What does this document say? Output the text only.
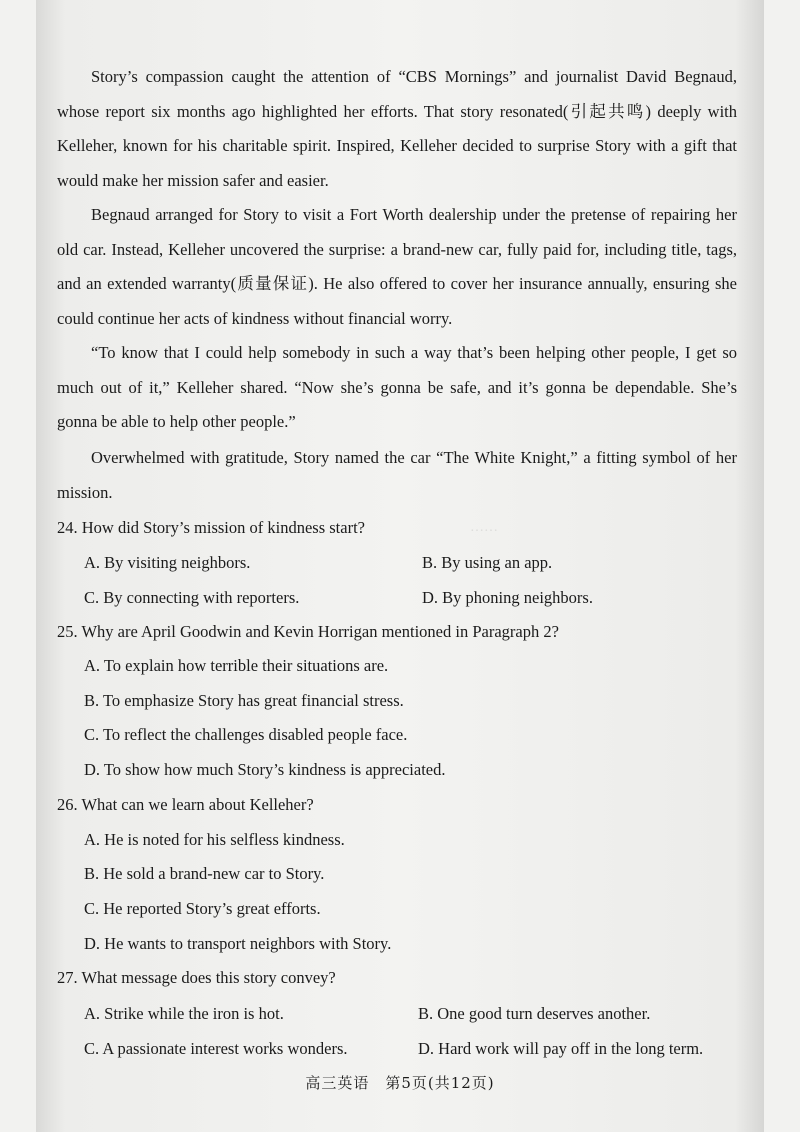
……

Story’s compassion caught the attention of “CBS Mornings” and journalist David Begnaud, whose report six months ago highlighted her efforts. That story resonated(引起共鸣) deeply with Kelleher, known for his charitable spirit. Inspired, Kelleher decided to surprise Story with a gift that would make her mission safer and easier.

Begnaud arranged for Story to visit a Fort Worth dealership under the pretense of repairing her old car. Instead, Kelleher uncovered the surprise: a brand-new car, fully paid for, including title, tags, and an extended warranty(质量保证). He also offered to cover her insurance annually, ensuring she could continue her acts of kindness without financial worry.

“To know that I could help somebody in such a way that’s been helping other people, I get so much out of it,” Kelleher shared. “Now she’s gonna be safe, and it’s gonna be dependable. She’s gonna be able to help other people.”

Overwhelmed with gratitude, Story named the car “The White Knight,” a fitting symbol of her mission.

24. How did Story’s mission of kindness start?

A. By visiting neighbors.	B. By using an app.

C. By connecting with reporters.	D. By phoning neighbors.

25. Why are April Goodwin and Kevin Horrigan mentioned in Paragraph 2?

A. To explain how terrible their situations are.

B. To emphasize Story has great financial stress.

C. To reflect the challenges disabled people face.

D. To show how much Story’s kindness is appreciated.

26. What can we learn about Kelleher?

A. He is noted for his selfless kindness.

B. He sold a brand-new car to Story.

C. He reported Story’s great efforts.

D. He wants to transport neighbors with Story.

27. What message does this story convey?

A. Strike while the iron is hot.	B. One good turn deserves another.

C. A passionate interest works wonders.	D. Hard work will pay off in the long term.

高三英语　第5页(共12页)
